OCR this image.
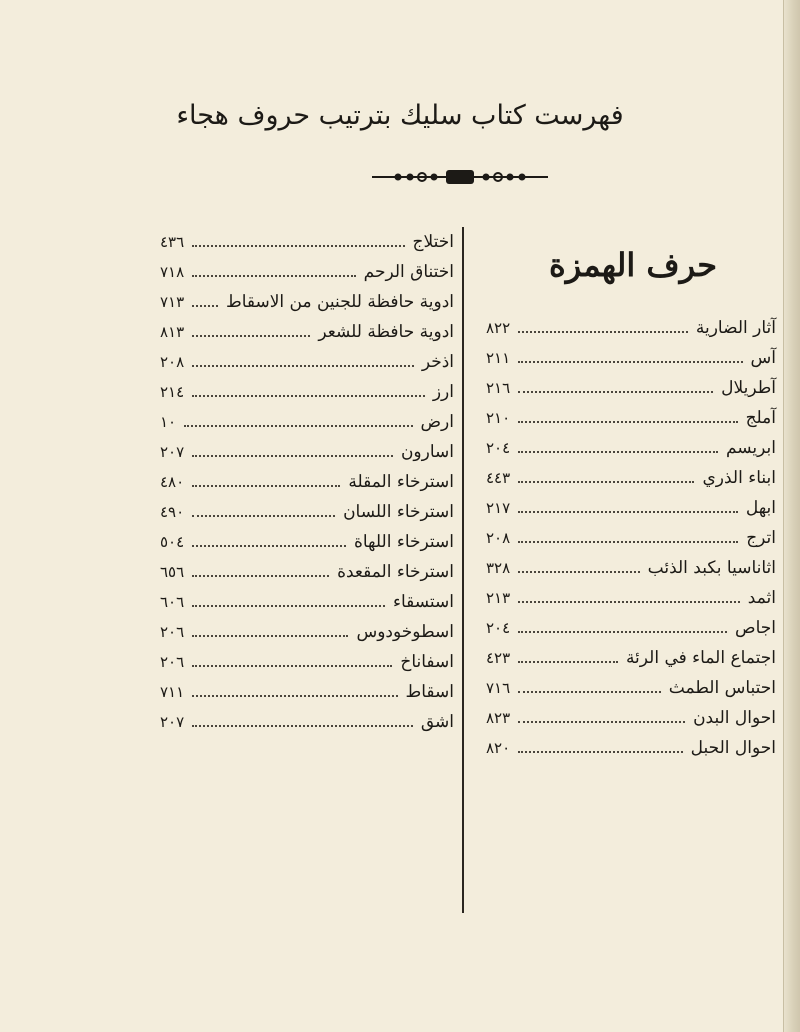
فهرست كتاب سليك بترتيب حروف هجاء
حرف الهمزة
آثار الضارية
٨٢٢
آس
٢١١
آطريلال
٢١٦
آملج
٢١٠
ابريسم
٢٠٤
ابناء الذري
٤٤٣
ابهل
٢١٧
اترج
٢٠٨
اثاناسيا بكبد الذئب
٣٢٨
اثمد
٢١٣
اجاص
٢٠٤
اجتماع الماء في الرئة
٤٢٣
احتباس الطمث
٧١٦
احوال البدن
٨٢٣
احوال الحبل
٨٢٠
اختلاج
٤٣٦
اختناق الرحم
٧١٨
ادوية حافظة للجنين من الاسقاط
٧١٣
ادوية حافظة للشعر
٨١٣
اذخر
٢٠٨
ارز
٢١٤
ارض
١٠
اسارون
٢٠٧
استرخاء المقلة
٤٨٠
استرخاء اللسان
٤٩٠
استرخاء اللهاة
٥٠٤
استرخاء المقعدة
٦٥٦
استسقاء
٦٠٦
اسطوخودوس
٢٠٦
اسفاناخ
٢٠٦
اسقاط
٧١١
اشق
٢٠٧
